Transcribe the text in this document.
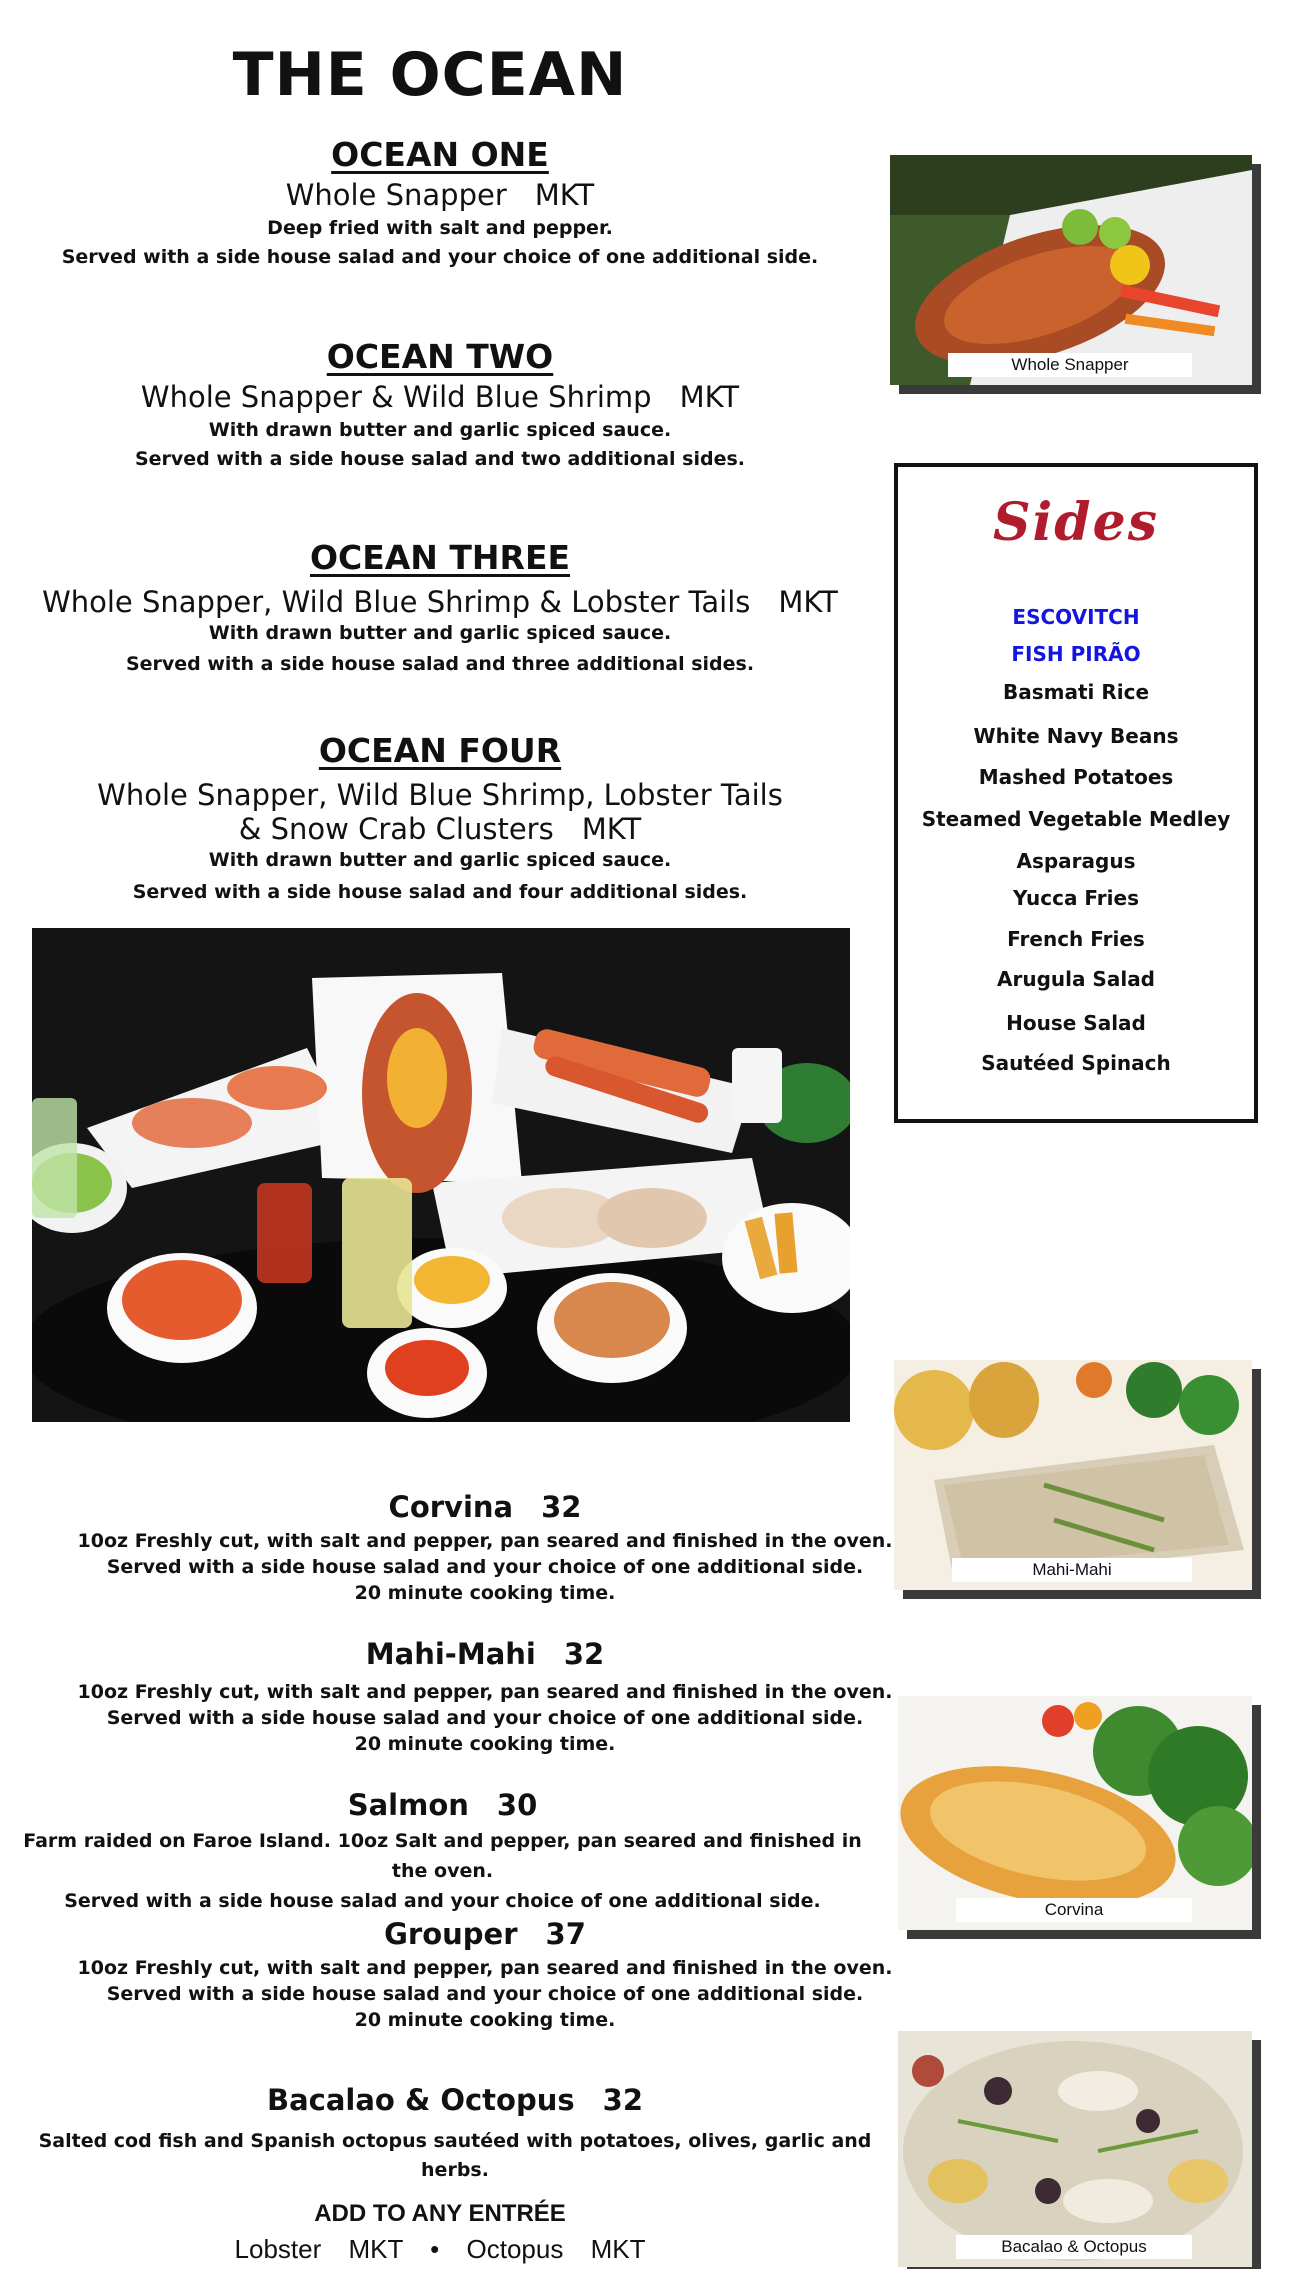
THE OCEAN
OCEAN ONE
Whole Snapper MKT
Deep fried with salt and pepper.
Served with a side house salad and your choice of one additional side.
OCEAN TWO
Whole Snapper & Wild Blue Shrimp MKT
With drawn butter and garlic spiced sauce.
Served with a side house salad and two additional sides.
OCEAN THREE
Whole Snapper, Wild Blue Shrimp & Lobster Tails MKT
With drawn butter and garlic spiced sauce.
Served with a side house salad and three additional sides.
OCEAN FOUR
Whole Snapper, Wild Blue Shrimp, Lobster Tails
& Snow Crab Clusters MKT
With drawn butter and garlic spiced sauce.
Served with a side house salad and four additional sides.
Whole Snapper
Sides
ESCOVITCH
FISH PIRÃO
Basmati Rice
White Navy Beans
Mashed Potatoes
Steamed Vegetable Medley
Asparagus
Yucca Fries
French Fries
Arugula Salad
House Salad
Sautéed Spinach
Mahi-Mahi
Corvina
Bacalao & Octopus
Corvina 32
10oz Freshly cut, with salt and pepper, pan seared and finished in the oven.
Served with a side house salad and your choice of one additional side.
20 minute cooking time.
Mahi-Mahi 32
10oz Freshly cut, with salt and pepper, pan seared and finished in the oven.
Served with a side house salad and your choice of one additional side.
20 minute cooking time.
Salmon 30
Farm raided on Faroe Island. 10oz Salt and pepper, pan seared and finished in the oven.
Served with a side house salad and your choice of one additional side.
Grouper 37
10oz Freshly cut, with salt and pepper, pan seared and finished in the oven.
Served with a side house salad and your choice of one additional side.
20 minute cooking time.
Bacalao & Octopus 32
Salted cod fish and Spanish octopus sautéed with potatoes, olives, garlic and herbs.
ADD TO ANY ENTRÉE
Lobster MKT • Octopus MKT
